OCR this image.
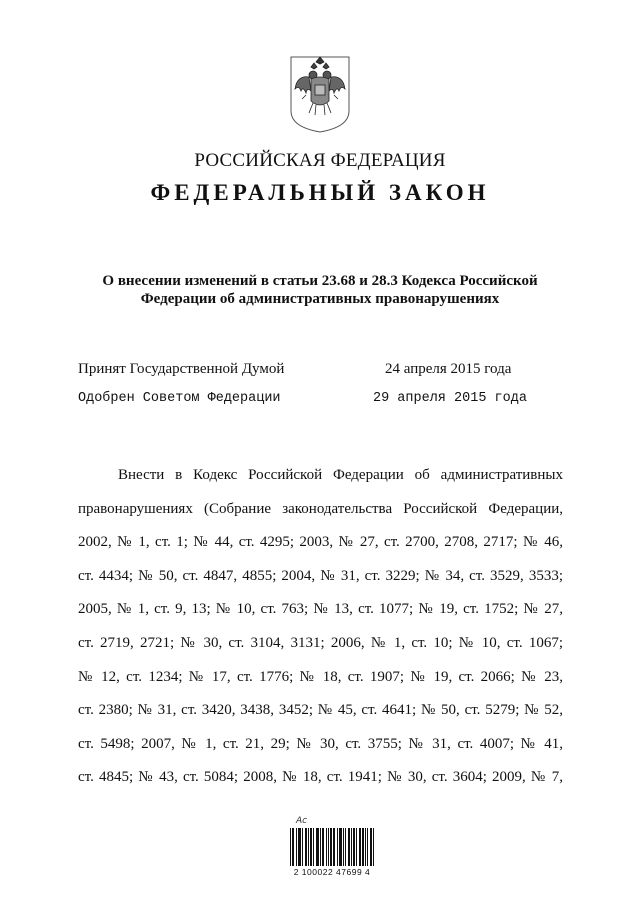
РОССИЙСКАЯ ФЕДЕРАЦИЯ
ФЕДЕРАЛЬНЫЙ ЗАКОН
О внесении изменений в статьи 23.68 и 28.3 Кодекса Российской
Федерации об административных правонарушениях
Принят Государственной Думой	24 апреля 2015 года
Одобрен Советом Федерации	29 апреля 2015 года
Внести в Кодекс Российской Федерации об административных
правонарушениях (Собрание законодательства Российской Федерации,
2002, № 1, ст. 1; № 44, ст. 4295; 2003, № 27, ст. 2700, 2708, 2717; № 46,
ст. 4434; № 50, ст. 4847, 4855; 2004, № 31, ст. 3229; № 34, ст. 3529, 3533;
2005, № 1, ст. 9, 13; № 10, ст. 763; № 13, ст. 1077; № 19, ст. 1752; № 27,
ст. 2719, 2721; № 30, ст. 3104, 3131; 2006, № 1, ст. 10; № 10, ст. 1067;
№ 12, ст. 1234; № 17, ст. 1776; № 18, ст. 1907; № 19, ст. 2066; № 23,
ст. 2380; № 31, ст. 3420, 3438, 3452; № 45, ст. 4641; № 50, ст. 5279; № 52,
ст. 5498; 2007, № 1, ст. 21, 29; № 30, ст. 3755; № 31, ст. 4007; № 41,
ст. 4845; № 43, ст. 5084; 2008, № 18, ст. 1941; № 30, ст. 3604; 2009, № 7,
Ac
2 100022 47699 4
